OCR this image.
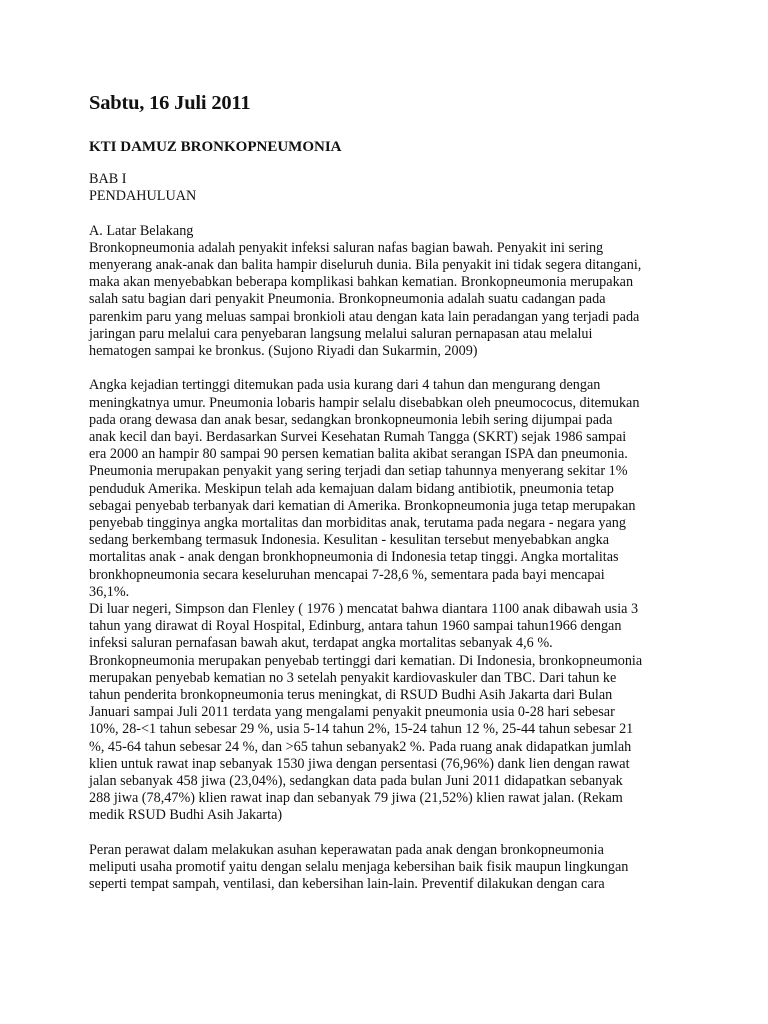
Sabtu, 16 Juli 2011
KTI DAMUZ BRONKOPNEUMONIA
BAB I
PENDAHULUAN
A. Latar Belakang
Bronkopneumonia adalah penyakit infeksi saluran nafas bagian bawah. Penyakit ini sering
menyerang anak-anak dan balita hampir diseluruh dunia. Bila penyakit ini tidak segera ditangani,
maka akan menyebabkan beberapa komplikasi bahkan kematian. Bronkopneumonia merupakan
salah satu bagian dari penyakit Pneumonia. Bronkopneumonia adalah suatu cadangan pada
parenkim paru yang meluas sampai bronkioli atau dengan kata lain peradangan yang terjadi pada
jaringan paru melalui cara penyebaran langsung melalui saluran pernapasan atau melalui
hematogen sampai ke bronkus. (Sujono Riyadi dan Sukarmin, 2009)
Angka kejadian tertinggi ditemukan pada usia kurang dari 4 tahun dan mengurang dengan
meningkatnya umur. Pneumonia lobaris hampir selalu disebabkan oleh pneumococus, ditemukan
pada orang dewasa dan anak besar, sedangkan bronkopneumonia lebih sering dijumpai pada
anak kecil dan bayi. Berdasarkan Survei Kesehatan Rumah Tangga (SKRT) sejak 1986 sampai
era 2000 an hampir 80 sampai 90 persen kematian balita akibat serangan ISPA dan pneumonia.
Pneumonia merupakan penyakit yang sering terjadi dan setiap tahunnya menyerang sekitar 1%
penduduk Amerika. Meskipun telah ada kemajuan dalam bidang antibiotik, pneumonia tetap
sebagai penyebab terbanyak dari kematian di Amerika. Bronkopneumonia juga tetap merupakan
penyebab tingginya angka mortalitas dan morbiditas anak, terutama pada negara - negara yang
sedang berkembang termasuk Indonesia. Kesulitan - kesulitan tersebut menyebabkan angka
mortalitas anak - anak dengan bronkhopneumonia di Indonesia tetap tinggi. Angka mortalitas
bronkhopneumonia secara keseluruhan mencapai 7-28,6 %, sementara pada bayi mencapai
36,1%.
Di luar negeri, Simpson dan Flenley ( 1976 ) mencatat bahwa diantara 1100 anak dibawah usia 3
tahun yang dirawat di Royal Hospital, Edinburg, antara tahun 1960 sampai tahun1966 dengan
infeksi saluran pernafasan bawah akut, terdapat angka mortalitas sebanyak 4,6 %.
Bronkopneumonia merupakan penyebab tertinggi dari kematian. Di Indonesia, bronkopneumonia
merupakan penyebab kematian no 3 setelah penyakit kardiovaskuler dan TBC. Dari tahun ke
tahun penderita bronkopneumonia terus meningkat, di RSUD Budhi Asih Jakarta dari Bulan
Januari sampai Juli 2011 terdata yang mengalami penyakit pneumonia usia 0-28 hari sebesar
10%, 28-<1 tahun sebesar 29 %, usia 5-14 tahun 2%, 15-24 tahun 12 %, 25-44 tahun sebesar 21
%, 45-64 tahun sebesar 24 %, dan >65 tahun sebanyak2 %. Pada ruang anak didapatkan jumlah
klien untuk rawat inap sebanyak 1530 jiwa dengan persentasi (76,96%) dank lien dengan rawat
jalan sebanyak 458 jiwa (23,04%), sedangkan data pada bulan Juni 2011 didapatkan sebanyak
288 jiwa (78,47%) klien rawat inap dan sebanyak 79 jiwa (21,52%) klien rawat jalan. (Rekam
medik RSUD Budhi Asih Jakarta)
Peran perawat dalam melakukan asuhan keperawatan pada anak dengan bronkopneumonia
meliputi usaha promotif yaitu dengan selalu menjaga kebersihan baik fisik maupun lingkungan
seperti tempat sampah, ventilasi, dan kebersihan lain-lain. Preventif dilakukan dengan cara
